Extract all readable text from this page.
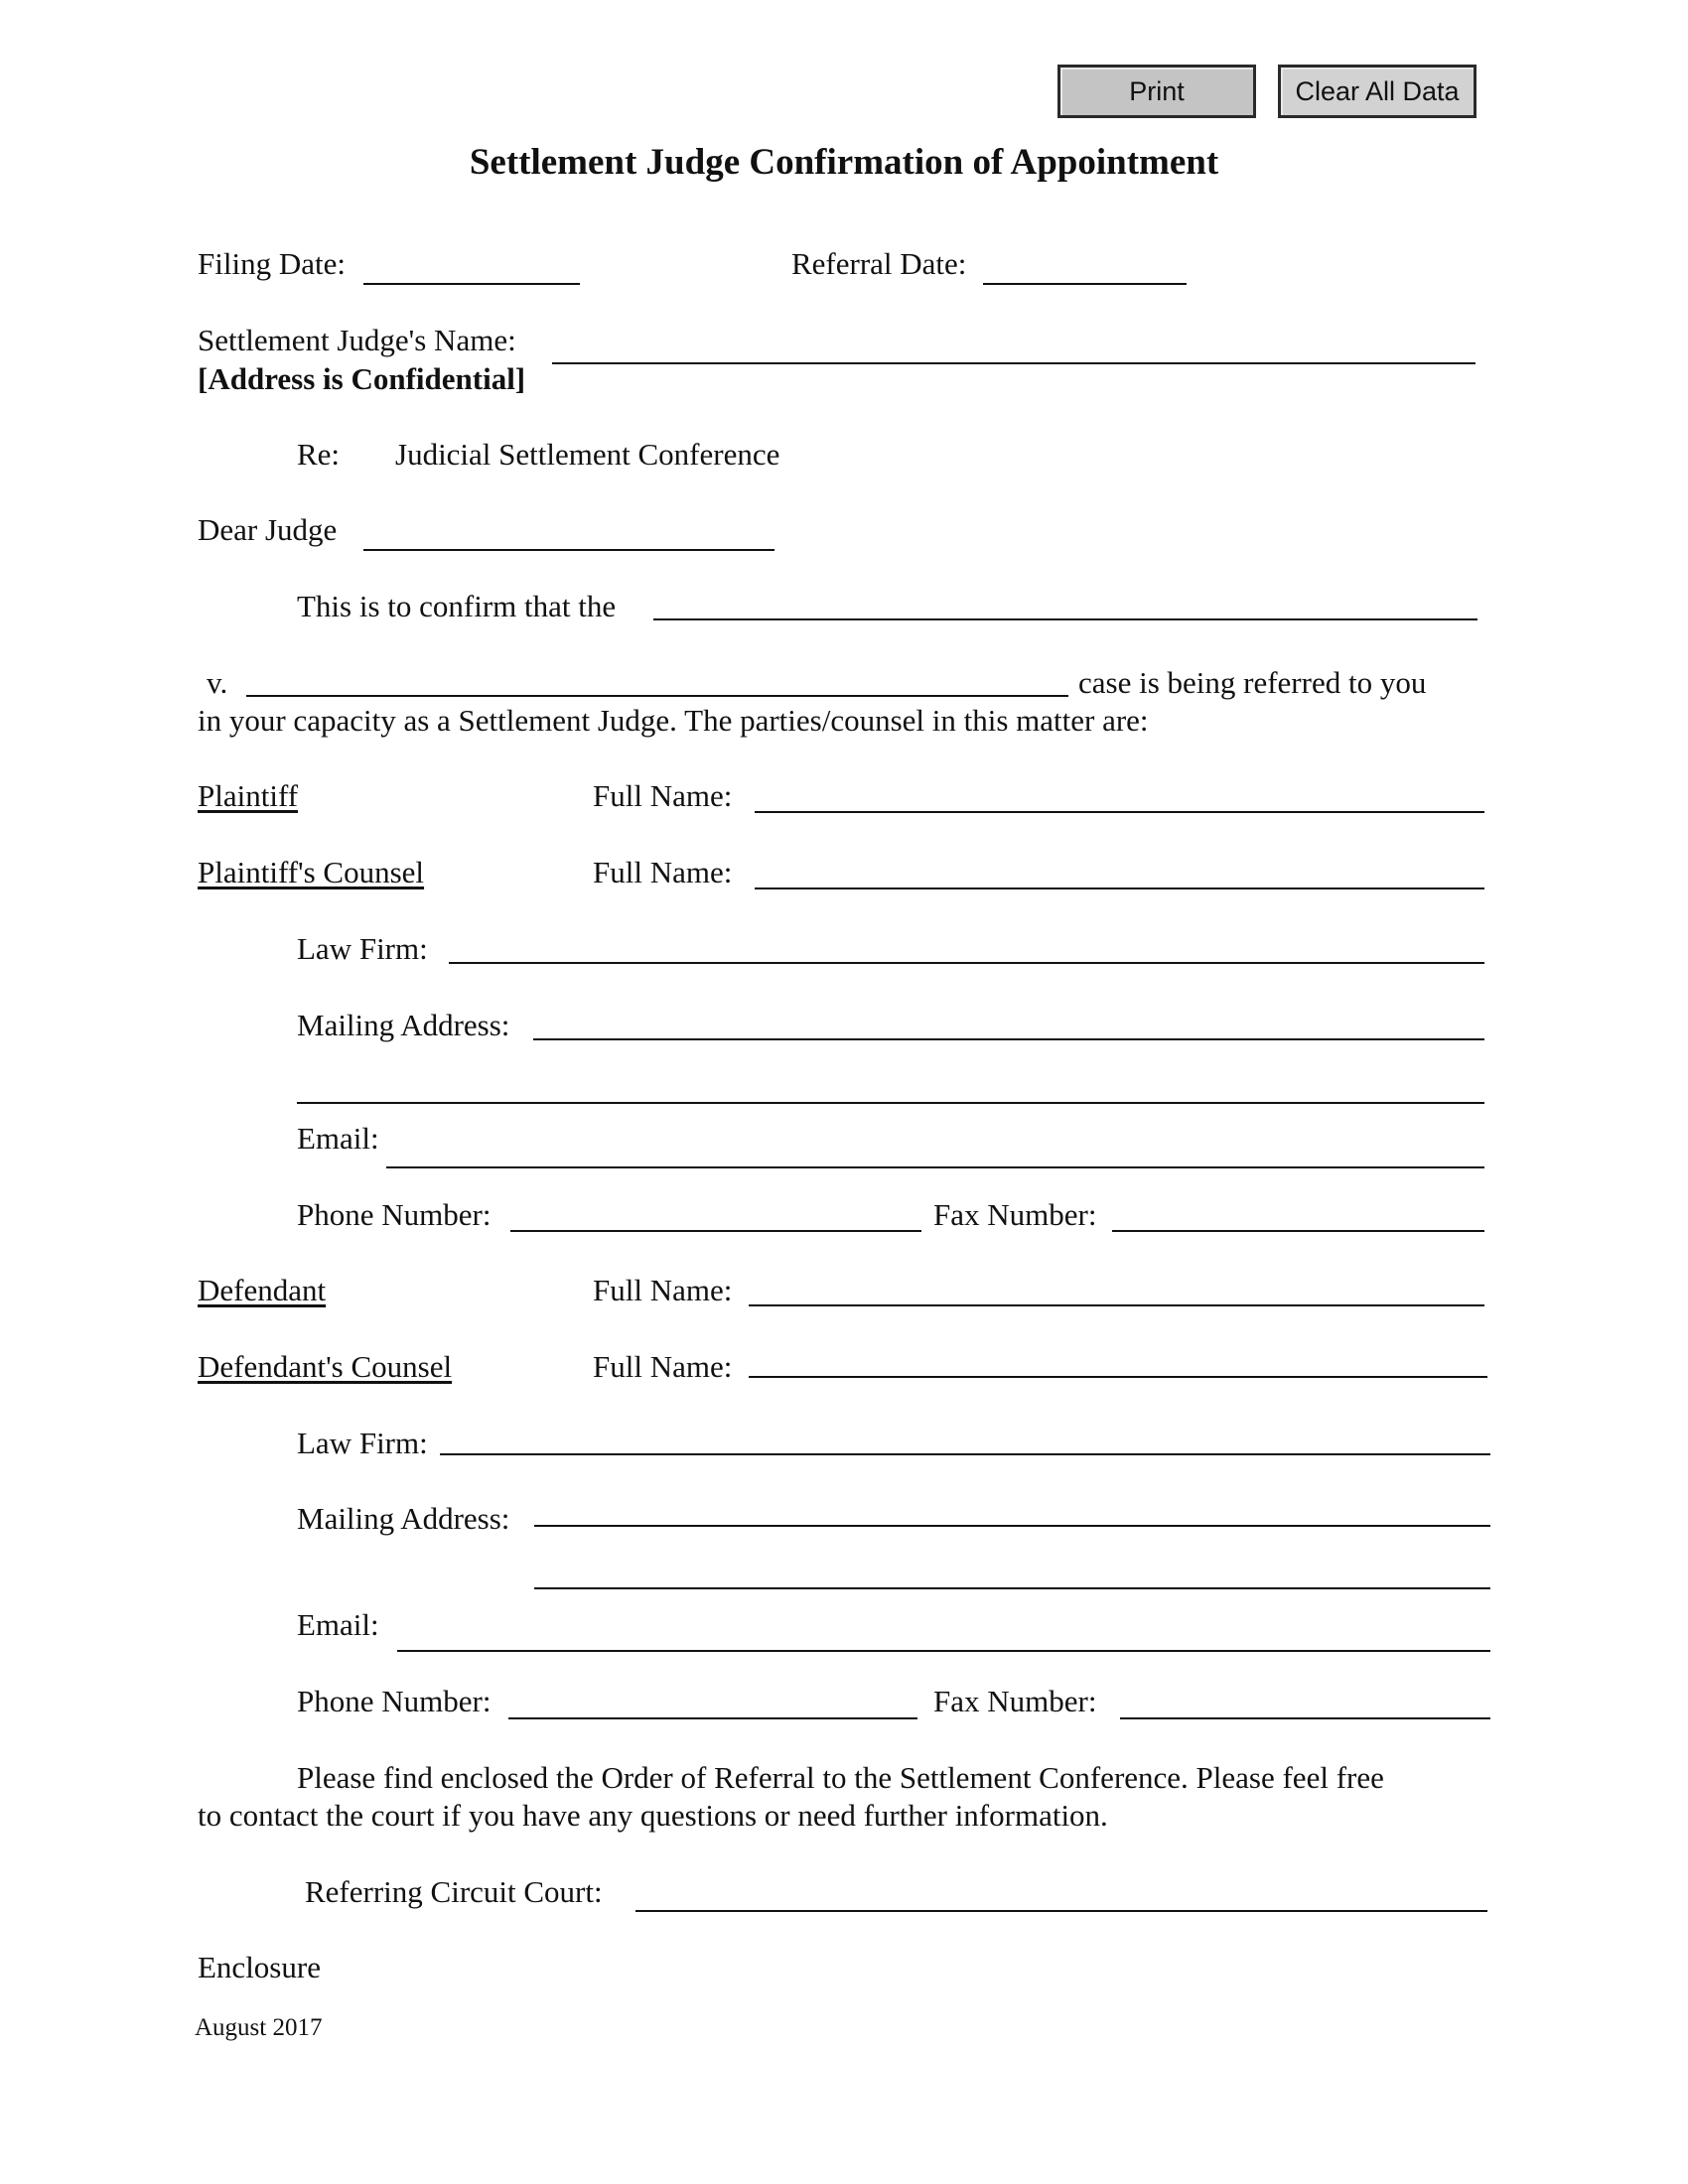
Print	Clear All Data
Settlement Judge Confirmation of Appointment
Filing Date:	Referral Date:
Settlement Judge's Name:
[Address is Confidential]
Re: Judicial Settlement Conference
Dear Judge
This is to confirm that the
v.	case is being referred to you
in your capacity as a Settlement Judge. The parties/counsel in this matter are:
Plaintiff	Full Name:
Plaintiff's Counsel	Full Name:
Law Firm:
Mailing Address:
Email:
Phone Number:	Fax Number:
Defendant	Full Name:
Defendant's Counsel	Full Name:
Law Firm:
Mailing Address:
Email:
Phone Number:	Fax Number:
Please find enclosed the Order of Referral to the Settlement Conference. Please feel free
to contact the court if you have any questions or need further information.
Referring Circuit Court:
Enclosure
August 2017
